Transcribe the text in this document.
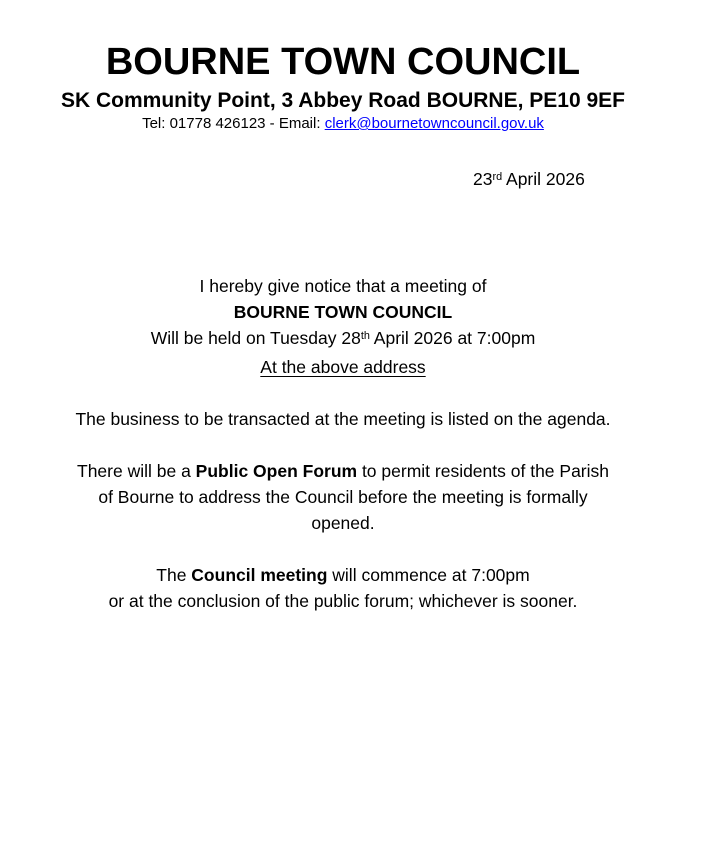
BOURNE TOWN COUNCIL
SK Community Point, 3 Abbey Road BOURNE, PE10 9EF
Tel: 01778 426123 - Email: clerk@bournetowncouncil.gov.uk
23rd April 2026
I hereby give notice that a meeting of
BOURNE TOWN COUNCIL
Will be held on Tuesday 28th April 2026 at 7:00pm
At the above address
The business to be transacted at the meeting is listed on the agenda.
There will be a Public Open Forum to permit residents of the Parish
of Bourne to address the Council before the meeting is formally
opened.
The Council meeting will commence at 7:00pm
or at the conclusion of the public forum; whichever is sooner.
